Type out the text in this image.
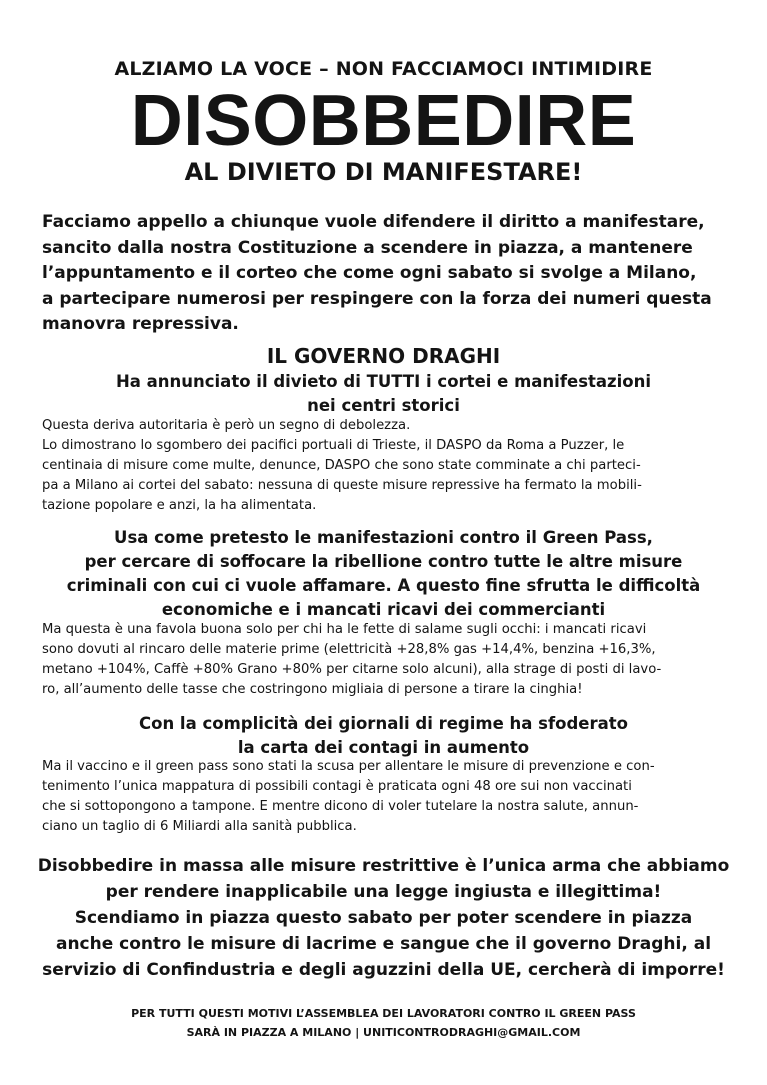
ALZIAMO LA VOCE – NON FACCIAMOCI INTIMIDIRE
DISOBBEDIRE
AL DIVIETO DI MANIFESTARE!
Facciamo appello a chiunque vuole difendere il diritto a manifestare,
sancito dalla nostra Costituzione a scendere in piazza, a mantenere
l’appuntamento e il corteo che come ogni sabato si svolge a Milano,
a partecipare numerosi per respingere con la forza dei numeri questa
manovra repressiva.
IL GOVERNO DRAGHI
Ha annunciato il divieto di TUTTI i cortei e manifestazioni
nei centri storici
Questa deriva autoritaria è però un segno di debolezza.
Lo dimostrano lo sgombero dei pacifici portuali di Trieste, il DASPO da Roma a Puzzer, le
centinaia di misure come multe, denunce, DASPO che sono state comminate a chi parteci-
pa a Milano ai cortei del sabato: nessuna di queste misure repressive ha fermato la mobili-
tazione popolare e anzi, la ha alimentata.
Usa come pretesto le manifestazioni contro il Green Pass,
per cercare di soffocare la ribellione contro tutte le altre misure
criminali con cui ci vuole affamare. A questo fine sfrutta le difficoltà
economiche e i mancati ricavi dei commercianti
Ma questa è una favola buona solo per chi ha le fette di salame sugli occhi: i mancati ricavi
sono dovuti al rincaro delle materie prime (elettricità +28,8% gas +14,4%, benzina +16,3%,
metano +104%, Caffè +80% Grano +80% per citarne solo alcuni), alla strage di posti di lavo-
ro, all’aumento delle tasse che costringono migliaia di persone a tirare la cinghia!
Con la complicità dei giornali di regime ha sfoderato
la carta dei contagi in aumento
Ma il vaccino e il green pass sono stati la scusa per allentare le misure di prevenzione e con-
tenimento l’unica mappatura di possibili contagi è praticata ogni 48 ore sui non vaccinati
che si sottopongono a tampone. E mentre dicono di voler tutelare la nostra salute, annun-
ciano un taglio di 6 Miliardi alla sanità pubblica.
Disobbedire in massa alle misure restrittive è l’unica arma che abbiamo
per rendere inapplicabile una legge ingiusta e illegittima!
Scendiamo in piazza questo sabato per poter scendere in piazza
anche contro le misure di lacrime e sangue che il governo Draghi, al
servizio di Confindustria e degli aguzzini della UE, cercherà di imporre!
PER TUTTI QUESTI MOTIVI L’ASSEMBLEA DEI LAVORATORI CONTRO IL GREEN PASS
SARÀ IN PIAZZA A MILANO | UNITICONTRODRAGHI@GMAIL.COM
